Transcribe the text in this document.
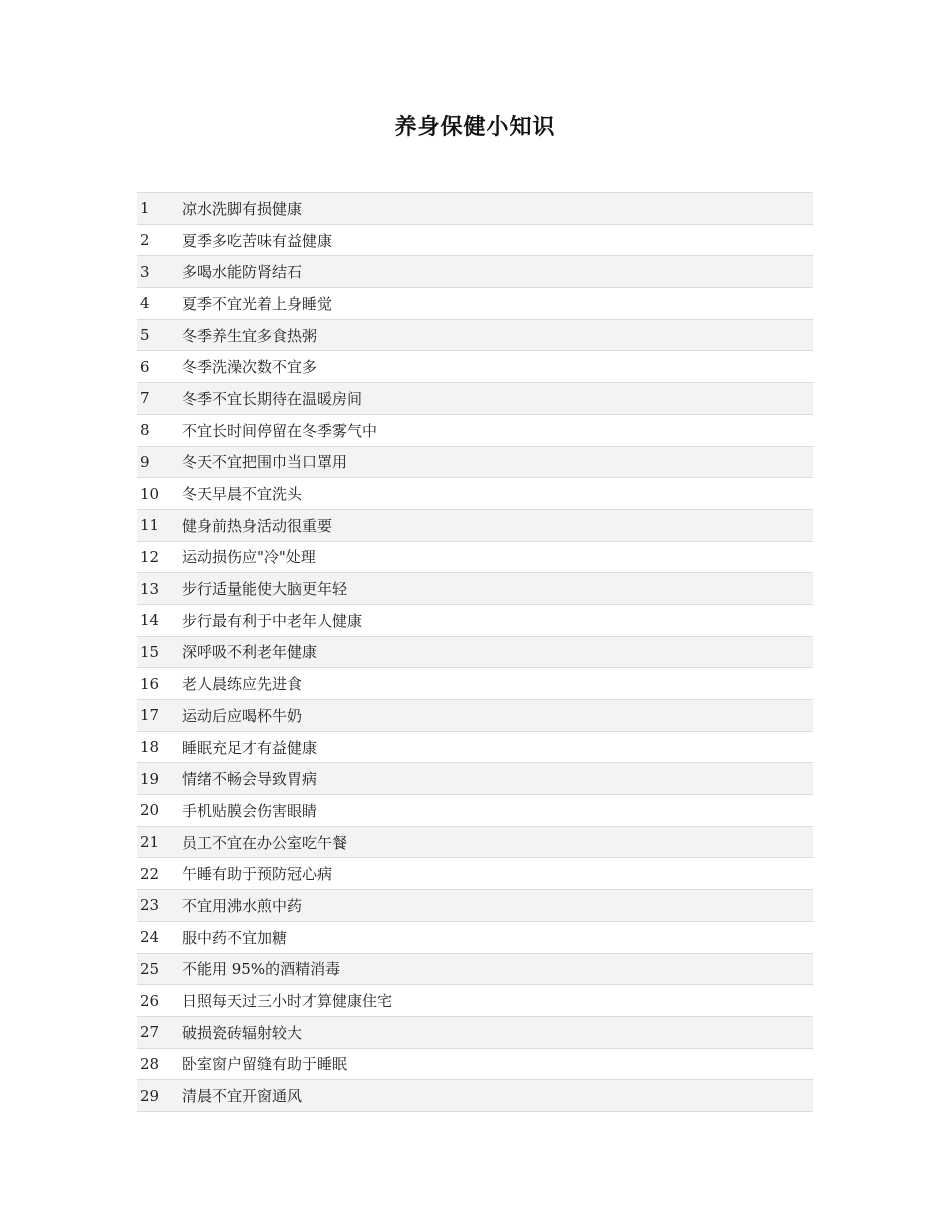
养身保健小知识
1	凉水洗脚有损健康
2	夏季多吃苦味有益健康
3	多喝水能防肾结石
4	夏季不宜光着上身睡觉
5	冬季养生宜多食热粥
6	冬季洗澡次数不宜多
7	冬季不宜长期待在温暖房间
8	不宜长时间停留在冬季雾气中
9	冬天不宜把围巾当口罩用
10	冬天早晨不宜洗头
11	健身前热身活动很重要
12	运动损伤应"冷"处理
13	步行适量能使大脑更年轻
14	步行最有利于中老年人健康
15	深呼吸不利老年健康
16	老人晨练应先进食
17	运动后应喝杯牛奶
18	睡眠充足才有益健康
19	情绪不畅会导致胃病
20	手机贴膜会伤害眼睛
21	员工不宜在办公室吃午餐
22	午睡有助于预防冠心病
23	不宜用沸水煎中药
24	服中药不宜加糖
25	不能用 95%的酒精消毒
26	日照每天过三小时才算健康住宅
27	破损瓷砖辐射较大
28	卧室窗户留缝有助于睡眠
29	清晨不宜开窗通风
